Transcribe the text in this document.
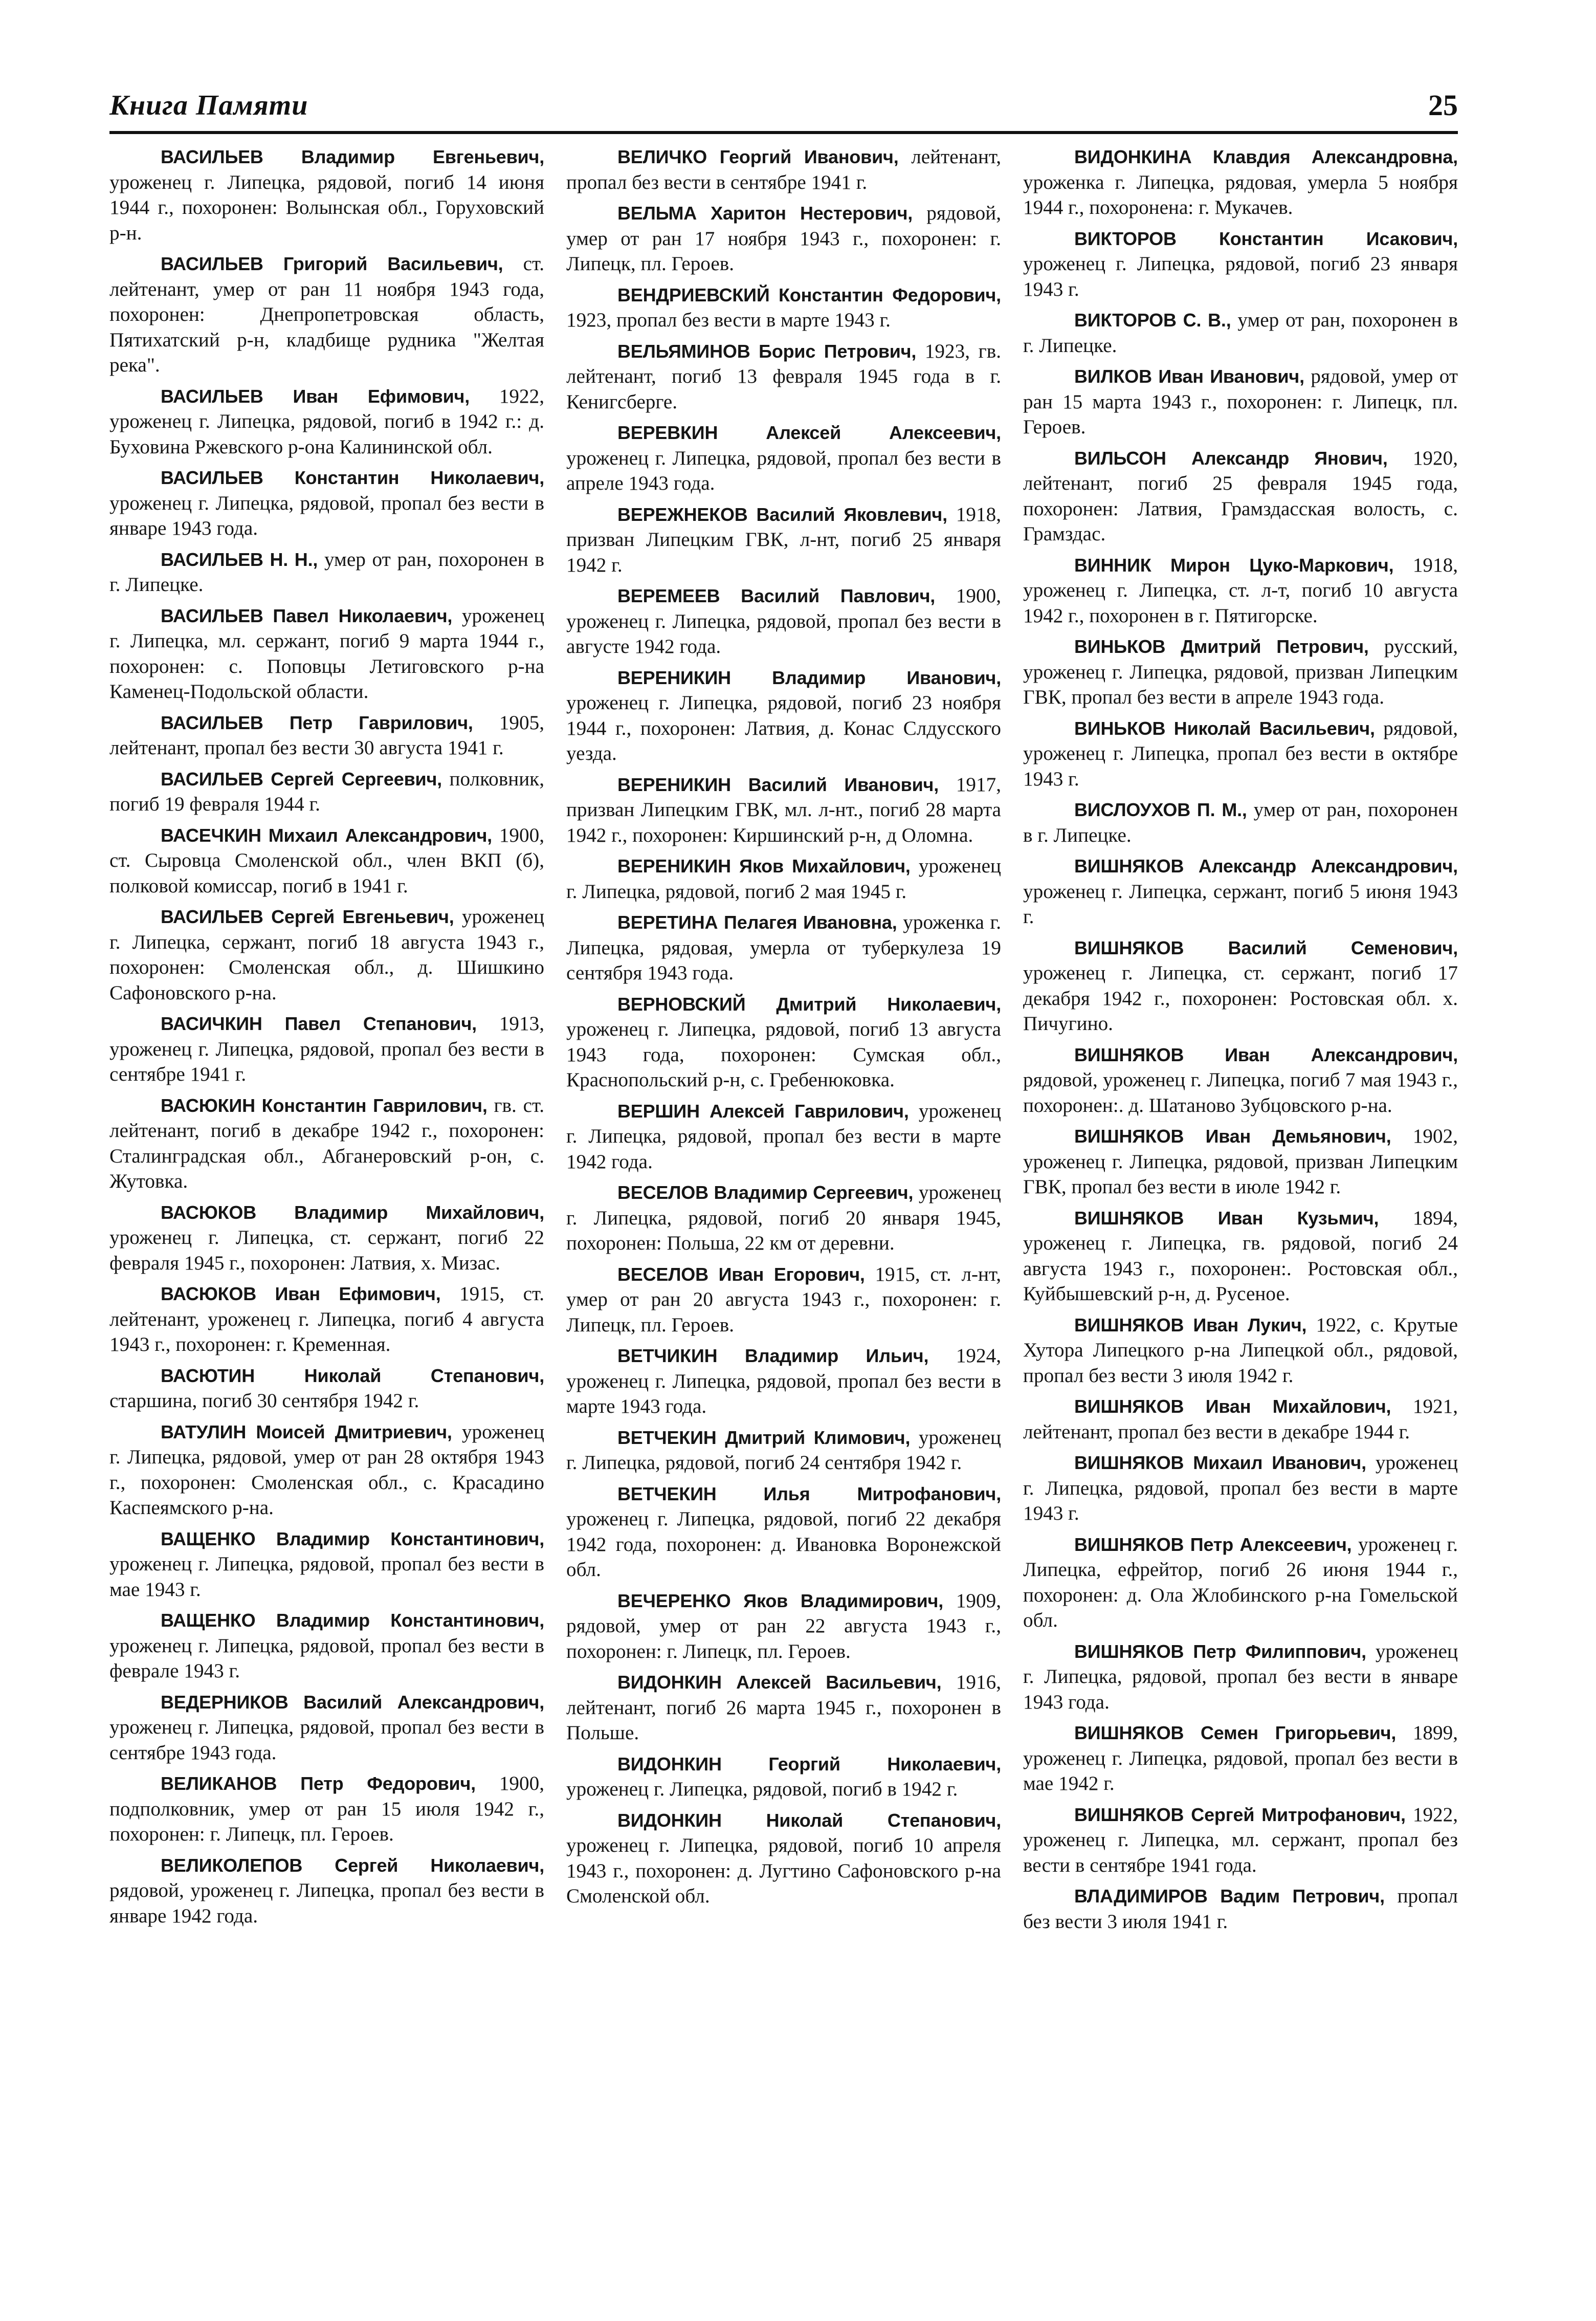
Книга Памяти	25

ВАСИЛЬЕВ Владимир Евгеньевич, уроженец г. Липецка, рядовой, погиб 14 июня 1944 г., похоронен: Волынская обл., Горуховский р-н.

ВАСИЛЬЕВ Григорий Васильевич, ст. лейтенант, умер от ран 11 ноября 1943 года, похоронен: Днепропетровская область, Пятихатский р-н, кладбище рудника "Желтая река".

ВАСИЛЬЕВ Иван Ефимович, 1922, уроженец г. Липецка, рядовой, погиб в 1942 г.: д. Буховина Ржевского р-она Калининской обл.

ВАСИЛЬЕВ Константин Николаевич, уроженец г. Липецка, рядовой, пропал без вести в январе 1943 года.

ВАСИЛЬЕВ Н. Н., умер от ран, похоронен в г. Липецке.

ВАСИЛЬЕВ Павел Николаевич, уроженец г. Липецка, мл. сержант, погиб 9 марта 1944 г., похоронен: с. Поповцы Летиговского р-на Каменец-Подольской области.

ВАСИЛЬЕВ Петр Гаврилович, 1905, лейтенант, пропал без вести 30 августа 1941 г.

ВАСИЛЬЕВ Сергей Сергеевич, полковник, погиб 19 февраля 1944 г.

ВАСЕЧКИН Михаил Александрович, 1900, ст. Сыровца Смоленской обл., член ВКП (б), полковой комиссар, погиб в 1941 г.

ВАСИЛЬЕВ Сергей Евгеньевич, уроженец г. Липецка, сержант, погиб 18 августа 1943 г., похоронен: Смоленская обл., д. Шишкино Сафоновского р-на.

ВАСИЧКИН Павел Степанович, 1913, уроженец г. Липецка, рядовой, пропал без вести в сентябре 1941 г.

ВАСЮКИН Константин Гаврилович, гв. ст. лейтенант, погиб в декабре 1942 г., похоронен: Сталинградская обл., Абганеровский р-он, с. Жутовка.

ВАСЮКОВ Владимир Михайлович, уроженец г. Липецка, ст. сержант, погиб 22 февраля 1945 г., похоронен: Латвия, х. Мизас.

ВАСЮКОВ Иван Ефимович, 1915, ст. лейтенант, уроженец г. Липецка, погиб 4 августа 1943 г., похоронен: г. Кременная.

ВАСЮТИН Николай Степанович, старшина, погиб 30 сентября 1942 г.

ВАТУЛИН Моисей Дмитриевич, уроженец г. Липецка, рядовой, умер от ран 28 октября 1943 г., похоронен: Смоленская обл., с. Красадино Каспеямского р-на.

ВАЩЕНКО Владимир Константинович, уроженец г. Липецка, рядовой, пропал без вести в мае 1943 г.

ВАЩЕНКО Владимир Константинович, уроженец г. Липецка, рядовой, пропал без вести в феврале 1943 г.

ВЕДЕРНИКОВ Василий Александрович, уроженец г. Липецка, рядовой, пропал без вести в сентябре 1943 года.

ВЕЛИКАНОВ Петр Федорович, 1900, подполковник, умер от ран 15 июля 1942 г., похоронен: г. Липецк, пл. Героев.

ВЕЛИКОЛЕПОВ Сергей Николаевич, рядовой, уроженец г. Липецка, пропал без вести в январе 1942 года.

ВЕЛИЧКО Георгий Иванович, лейтенант, пропал без вести в сентябре 1941 г.

ВЕЛЬМА Харитон Нестерович, рядовой, умер от ран 17 ноября 1943 г., похоронен: г. Липецк, пл. Героев.

ВЕНДРИЕВСКИЙ Константин Федорович, 1923, пропал без вести в марте 1943 г.

ВЕЛЬЯМИНОВ Борис Петрович, 1923, гв. лейтенант, погиб 13 февраля 1945 года в г. Кенигсберге.

ВЕРЕВКИН Алексей Алексеевич, уроженец г. Липецка, рядовой, пропал без вести в апреле 1943 года.

ВЕРЕЖНЕКОВ Василий Яковлевич, 1918, призван Липецким ГВК, л-нт, погиб 25 января 1942 г.

ВЕРЕМЕЕВ Василий Павлович, 1900, уроженец г. Липецка, рядовой, пропал без вести в августе 1942 года.

ВЕРЕНИКИН Владимир Иванович, уроженец г. Липецка, рядовой, погиб 23 ноября 1944 г., похоронен: Латвия, д. Конас Слдусского уезда.

ВЕРЕНИКИН Василий Иванович, 1917, призван Липецким ГВК, мл. л-нт., погиб 28 марта 1942 г., похоронен: Киршинский р-н, д Оломна.

ВЕРЕНИКИН Яков Михайлович, уроженец г. Липецка, рядовой, погиб 2 мая 1945 г.

ВЕРЕТИНА Пелагея Ивановна, уроженка г. Липецка, рядовая, умерла от туберкулеза 19 сентября 1943 года.

ВЕРНОВСКИЙ Дмитрий Николаевич, уроженец г. Липецка, рядовой, погиб 13 августа 1943 года, похоронен: Сумская обл., Краснопольский р-н, с. Гребенюковка.

ВЕРШИН Алексей Гаврилович, уроженец г. Липецка, рядовой, пропал без вести в марте 1942 года.

ВЕСЕЛОВ Владимир Сергеевич, уроженец г. Липецка, рядовой, погиб 20 января 1945, похоронен: Польша, 22 км от деревни.

ВЕСЕЛОВ Иван Егорович, 1915, ст. л-нт, умер от ран 20 августа 1943 г., похоронен: г. Липецк, пл. Героев.

ВЕТЧИКИН Владимир Ильич, 1924, уроженец г. Липецка, рядовой, пропал без вести в марте 1943 года.

ВЕТЧЕКИН Дмитрий Климович, уроженец г. Липецка, рядовой, погиб 24 сентября 1942 г.

ВЕТЧЕКИН Илья Митрофанович, уроженец г. Липецка, рядовой, погиб 22 декабря 1942 года, похоронен: д. Ивановка Воронежской обл.

ВЕЧЕРЕНКО Яков Владимирович, 1909, рядовой, умер от ран 22 августа 1943 г., похоронен: г. Липецк, пл. Героев.

ВИДОНКИН Алексей Васильевич, 1916, лейтенант, погиб 26 марта 1945 г., похоронен в Польше.

ВИДОНКИН Георгий Николаевич, уроженец г. Липецка, рядовой, погиб в 1942 г.

ВИДОНКИН Николай Степанович, уроженец г. Липецка, рядовой, погиб 10 апреля 1943 г., похоронен: д. Лугтино Сафоновского р-на Смоленской обл.

ВИДОНКИНА Клавдия Александровна, уроженка г. Липецка, рядовая, умерла 5 ноября 1944 г., похоронена: г. Мукачев.

ВИКТОРОВ Константин Исакович, уроженец г. Липецка, рядовой, погиб 23 января 1943 г.

ВИКТОРОВ С. В., умер от ран, похоронен в г. Липецке.

ВИЛКОВ Иван Иванович, рядовой, умер от ран 15 марта 1943 г., похоронен: г. Липецк, пл. Героев.

ВИЛЬСОН Александр Янович, 1920, лейтенант, погиб 25 февраля 1945 года, похоронен: Латвия, Грамздасская волость, с. Грамздас.

ВИННИК Мирон Цуко-Маркович, 1918, уроженец г. Липецка, ст. л-т, погиб 10 августа 1942 г., похоронен в г. Пятигорске.

ВИНЬКОВ Дмитрий Петрович, русский, уроженец г. Липецка, рядовой, призван Липецким ГВК, пропал без вести в апреле 1943 года.

ВИНЬКОВ Николай Васильевич, рядовой, уроженец г. Липецка, пропал без вести в октябре 1943 г.

ВИСЛОУХОВ П. М., умер от ран, похоронен в г. Липецке.

ВИШНЯКОВ Александр Александрович, уроженец г. Липецка, сержант, погиб 5 июня 1943 г.

ВИШНЯКОВ Василий Семенович, уроженец г. Липецка, ст. сержант, погиб 17 декабря 1942 г., похоронен: Ростовская обл. х. Пичугино.

ВИШНЯКОВ Иван Александрович, рядовой, уроженец г. Липецка, погиб 7 мая 1943 г., похоронен:. д. Шатаново Зубцовского р-на.

ВИШНЯКОВ Иван Демьянович, 1902, уроженец г. Липецка, рядовой, призван Липецким ГВК, пропал без вести в июле 1942 г.

ВИШНЯКОВ Иван Кузьмич, 1894, уроженец г. Липецка, гв. рядовой, погиб 24 августа 1943 г., похоронен:. Ростовская обл., Куйбышевский р-н, д. Русеное.

ВИШНЯКОВ Иван Лукич, 1922, с. Крутые Хутора Липецкого р-на Липецкой обл., рядовой, пропал без вести 3 июля 1942 г.

ВИШНЯКОВ Иван Михайлович, 1921, лейтенант, пропал без вести в декабре 1944 г.

ВИШНЯКОВ Михаил Иванович, уроженец г. Липецка, рядовой, пропал без вести в марте 1943 г.

ВИШНЯКОВ Петр Алексеевич, уроженец г. Липецка, ефрейтор, погиб 26 июня 1944 г., похоронен: д. Ола Жлобинского р-на Гомельской обл.

ВИШНЯКОВ Петр Филиппович, уроженец г. Липецка, рядовой, пропал без вести в январе 1943 года.

ВИШНЯКОВ Семен Григорьевич, 1899, уроженец г. Липецка, рядовой, пропал без вести в мае 1942 г.

ВИШНЯКОВ Сергей Митрофанович, 1922, уроженец г. Липецка, мл. сержант, пропал без вести в сентябре 1941 года.

ВЛАДИМИРОВ Вадим Петрович, пропал без вести 3 июля 1941 г.
